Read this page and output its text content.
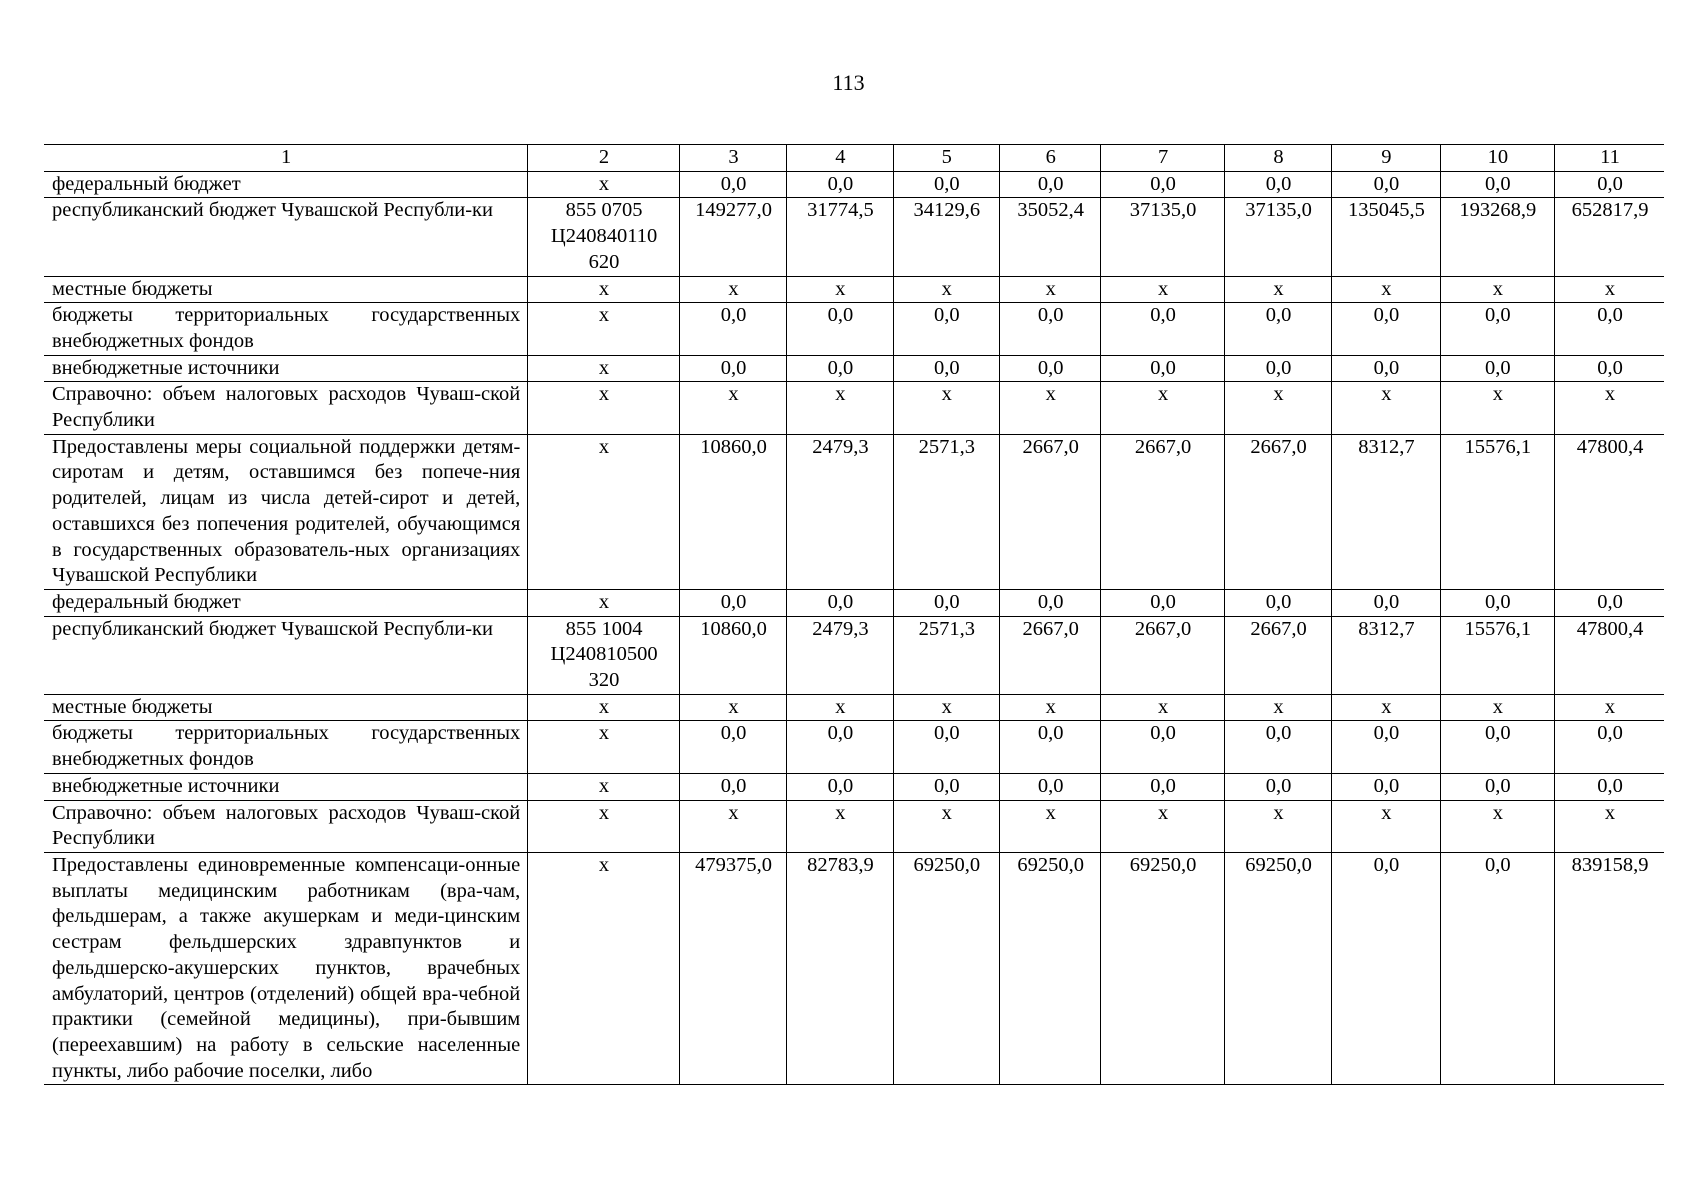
113
1	2	3	4	5	6	7	8	9	10	11
федеральный бюджет	x	0,0	0,0	0,0	0,0	0,0	0,0	0,0	0,0	0,0
республиканский бюджет Чувашской Республи-ки	855 0705 Ц240840110 620	149277,0	31774,5	34129,6	35052,4	37135,0	37135,0	135045,5	193268,9	652817,9
местные бюджеты	x	x	x	x	x	x	x	x	x	x
бюджеты территориальных государственных внебюджетных фондов	x	0,0	0,0	0,0	0,0	0,0	0,0	0,0	0,0	0,0
внебюджетные источники	x	0,0	0,0	0,0	0,0	0,0	0,0	0,0	0,0	0,0
Справочно: объем налоговых расходов Чуваш-ской Республики	x	x	x	x	x	x	x	x	x	x
Предоставлены меры социальной поддержки детям-сиротам и детям, оставшимся без попече-ния родителей, лицам из числа детей-сирот и детей, оставшихся без попечения родителей, обучающимся в государственных образователь-ных организациях Чувашской Республики	x	10860,0	2479,3	2571,3	2667,0	2667,0	2667,0	8312,7	15576,1	47800,4
федеральный бюджет	x	0,0	0,0	0,0	0,0	0,0	0,0	0,0	0,0	0,0
республиканский бюджет Чувашской Республи-ки	855 1004 Ц240810500 320	10860,0	2479,3	2571,3	2667,0	2667,0	2667,0	8312,7	15576,1	47800,4
местные бюджеты	x	x	x	x	x	x	x	x	x	x
бюджеты территориальных государственных внебюджетных фондов	x	0,0	0,0	0,0	0,0	0,0	0,0	0,0	0,0	0,0
внебюджетные источники	x	0,0	0,0	0,0	0,0	0,0	0,0	0,0	0,0	0,0
Справочно: объем налоговых расходов Чуваш-ской Республики	x	x	x	x	x	x	x	x	x	x
Предоставлены единовременные компенсаци-онные выплаты медицинским работникам (вра-чам, фельдшерам, а также акушеркам и меди-цинским сестрам фельдшерских здравпунктов и фельдшерско-акушерских пунктов, врачебных амбулаторий, центров (отделений) общей вра-чебной практики (семейной медицины), при-бывшим (переехавшим) на работу в сельские населенные пункты, либо рабочие поселки, либо	x	479375,0	82783,9	69250,0	69250,0	69250,0	69250,0	0,0	0,0	839158,9
